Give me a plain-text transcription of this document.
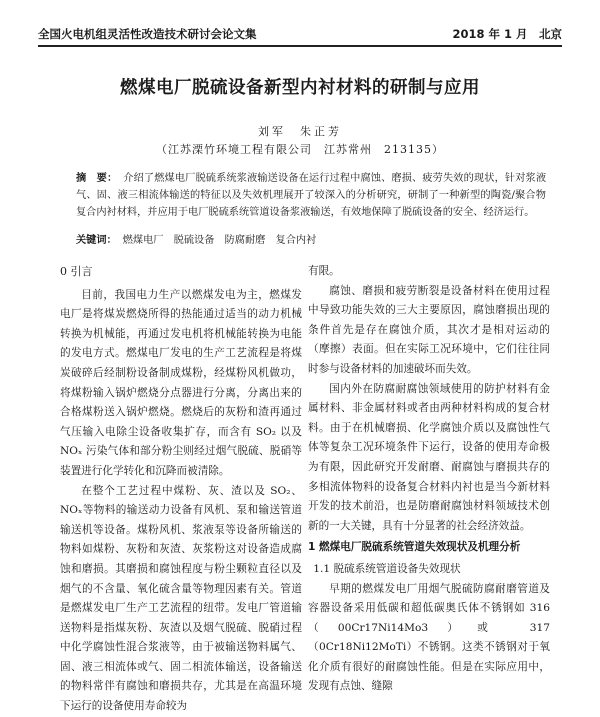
全国火电机组灵活性改造技术研讨会论文集	2018 年 1 月　北京
燃煤电厂脱硫设备新型内衬材料的研制与应用
刘军　朱正芳
（江苏溧竹环境工程有限公司　江苏常州　213135）
摘　要： 介绍了燃煤电厂脱硫系统浆液输送设备在运行过程中腐蚀、磨损、疲劳失效的现状，针对浆液气、固、液三相流体输送的特征以及失效机理展开了较深入的分析研究，研制了一种新型的陶瓷/聚合物复合内衬材料，并应用于电厂脱硫系统管道设备浆液输送，有效地保障了脱硫设备的安全、经济运行。
关键词： 燃煤电厂　脱硫设备　防腐耐磨　复合内衬
0 引言

目前，我国电力生产以燃煤发电为主，燃煤发电厂是将煤炭燃烧所得的热能通过适当的动力机械转换为机械能，再通过发电机将机械能转换为电能的发电方式。燃煤电厂发电的生产工艺流程是将煤炭破碎后经制粉设备制成煤粉，经煤粉风机做功，将煤粉输入锅炉燃烧分点器进行分离，分离出来的合格煤粉送入锅炉燃烧。燃烧后的灰粉和渣再通过气压输入电除尘设备收集扩存，而含有 SO₂ 以及 NOₓ 污染气体和部分粉尘则经过烟气脱硫、脱硝等装置进行化学转化和沉降而被清除。

在整个工艺过程中煤粉、灰、渣以及 SO₂、NOₓ等物料的输送动力设备有风机、泵和输送管道输送机等设备。煤粉风机、浆液泵等设备所输送的物料如煤粉、灰粉和灰渣、灰浆粉这对设备造成腐蚀和磨损。其磨损和腐蚀程度与粉尘颗粒直径以及烟气的不含量、氧化硫含量等物理因素有关。管道是燃煤发电厂生产工艺流程的纽带。发电厂管道输送物料是指煤灰粉、灰渣以及烟气脱硫、脱硝过程中化学腐蚀性混合浆液等，由于被输送物料属气、固、液三相流体或气、固二相流体输送，设备输送的物料常伴有腐蚀和磨损共存，尤其是在高温环境下运行的设备使用寿命较为

有限。

腐蚀、磨损和疲劳断裂是设备材料在使用过程中导致功能失效的三大主要原因，腐蚀磨损出现的条件首先是存在腐蚀介质，其次才是相对运动的（摩擦）表面。但在实际工况环境中，它们往往同时参与设备材料的加速破坏而失效。

国内外在防腐耐腐蚀领域使用的防护材料有金属材料、非金属材料或者由两种材料构成的复合材料。由于在机械磨损、化学腐蚀介质以及腐蚀性气体等复杂工况环境条件下运行，设备的使用寿命极为有限，因此研究开发耐磨、耐腐蚀与磨损共存的多相流体物料的设备复合材料内衬也是当今新材料开发的技术前沿，也是防磨耐腐蚀材料领域技术创新的一大关键，具有十分显著的社会经济效益。

1 燃煤电厂脱硫系统管道失效现状及机理分析
1.1 脱硫系统管道设备失效现状

早期的燃煤发电厂用烟气脱硫防腐耐磨管道及容器设备采用低碳和超低碳奥氏体不锈钢如 316（00Cr17Ni14Mo3）或 317（0Cr18Ni12MoTi）不锈钢。这类不锈钢对于氧化介质有很好的耐腐蚀性能。但是在实际应用中，发现有点蚀、缝隙
